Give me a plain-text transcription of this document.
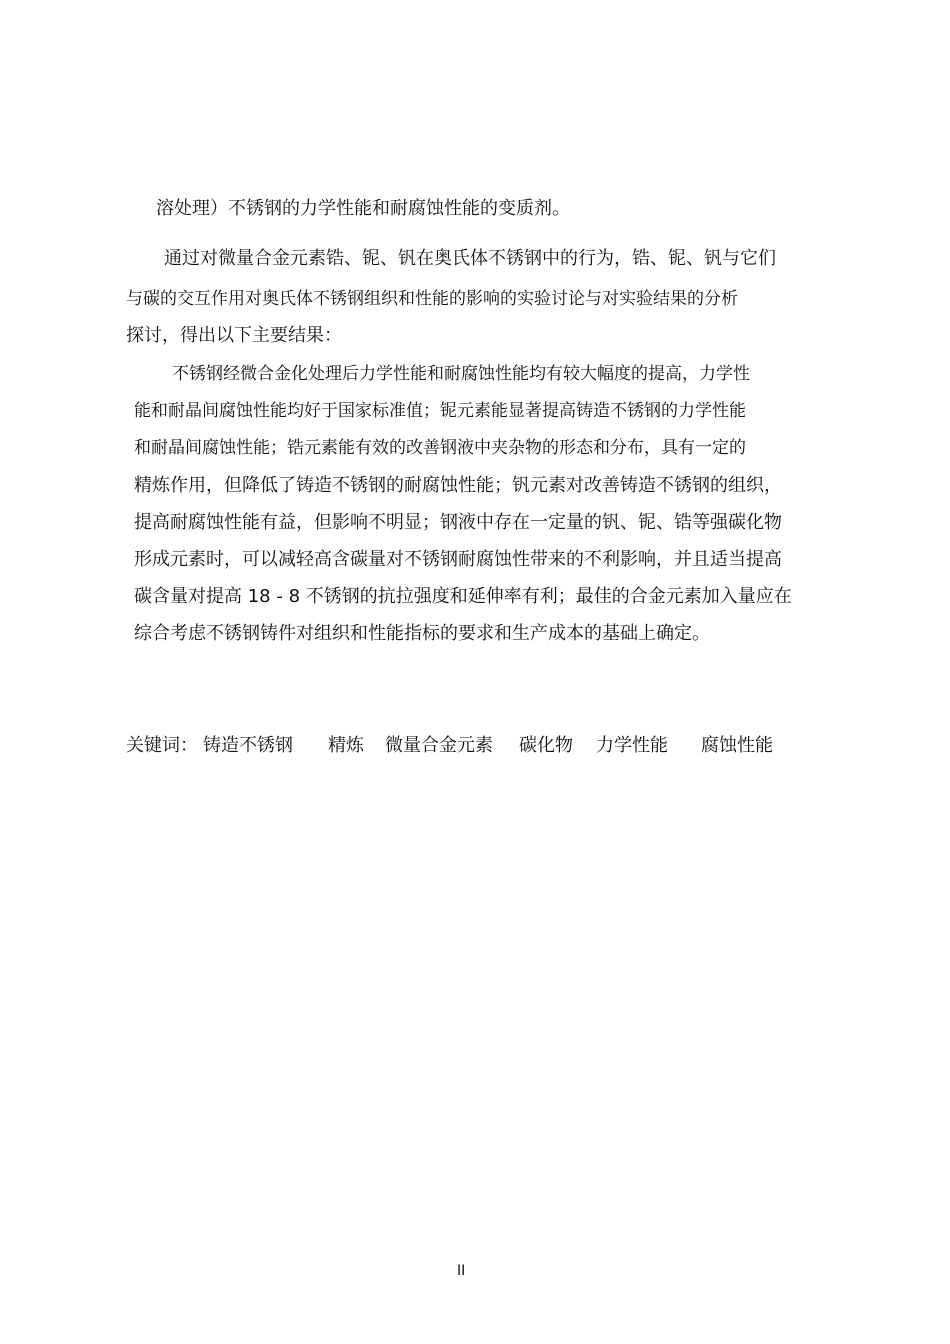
溶处理）不锈钢的力学性能和耐腐蚀性能的变质剂。
通过对微量合金元素锆、铌、钒在奥氏体不锈钢中的行为，锆、铌、钒与它们
与碳的交互作用对奥氏体不锈钢组织和性能的影响的实验讨论与对实验结果的分析
探讨，得出以下主要结果：
不锈钢经微合金化处理后力学性能和耐腐蚀性能均有较大幅度的提高，力学性
能和耐晶间腐蚀性能均好于国家标准值；铌元素能显著提高铸造不锈钢的力学性能
和耐晶间腐蚀性能；锆元素能有效的改善钢液中夹杂物的形态和分布，具有一定的
精炼作用，但降低了铸造不锈钢的耐腐蚀性能；钒元素对改善铸造不锈钢的组织，
提高耐腐蚀性能有益，但影响不明显；钢液中存在一定量的钒、铌、锆等强碳化物
形成元素时，可以减轻高含碳量对不锈钢耐腐蚀性带来的不利影响，并且适当提高
碳含量对提高 18 - 8 不锈钢的抗拉强度和延伸率有利；最佳的合金元素加入量应在
综合考虑不锈钢铸件对组织和性能指标的要求和生产成本的基础上确定。
关键词： 铸造不锈钢 精炼 微量合金元素 碳化物 力学性能 腐蚀性能
II
